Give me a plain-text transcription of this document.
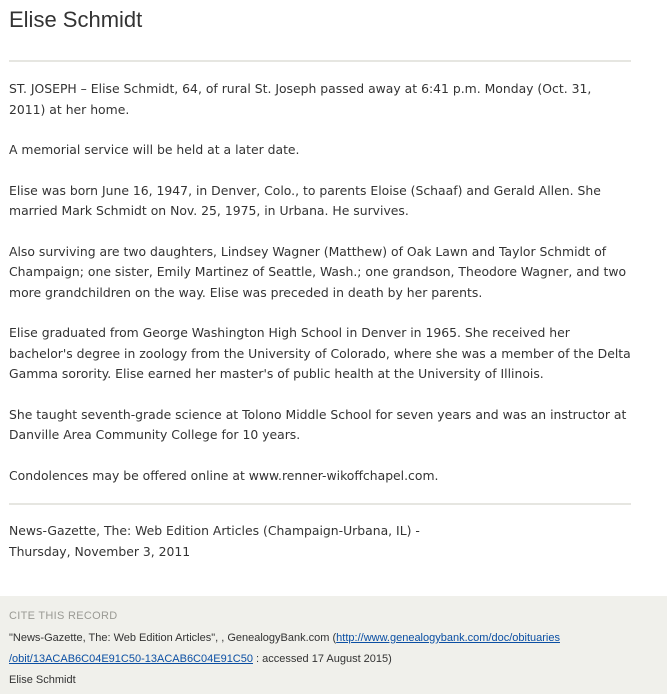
Elise Schmidt

ST. JOSEPH – Elise Schmidt, 64, of rural St. Joseph passed away at 6:41 p.m. Monday (Oct. 31, 2011) at her home.

A memorial service will be held at a later date.

Elise was born June 16, 1947, in Denver, Colo., to parents Eloise (Schaaf) and Gerald Allen. She married Mark Schmidt on Nov. 25, 1975, in Urbana. He survives.

Also surviving are two daughters, Lindsey Wagner (Matthew) of Oak Lawn and Taylor Schmidt of Champaign; one sister, Emily Martinez of Seattle, Wash.; one grandson, Theodore Wagner, and two more grandchildren on the way. Elise was preceded in death by her parents.

Elise graduated from George Washington High School in Denver in 1965. She received her bachelor's degree in zoology from the University of Colorado, where she was a member of the Delta Gamma sorority. Elise earned her master's of public health at the University of Illinois.

She taught seventh-grade science at Tolono Middle School for seven years and was an instructor at Danville Area Community College for 10 years.

Condolences may be offered online at www.renner-wikoffchapel.com.

News-Gazette, The: Web Edition Articles (Champaign-Urbana, IL) -
Thursday, November 3, 2011
CITE THIS RECORD
"News-Gazette, The: Web Edition Articles", , GenealogyBank.com (http://www.genealogybank.com/doc/obituaries
/obit/13ACAB6C04E91C50-13ACAB6C04E91C50 : accessed 17 August 2015)
Elise Schmidt
